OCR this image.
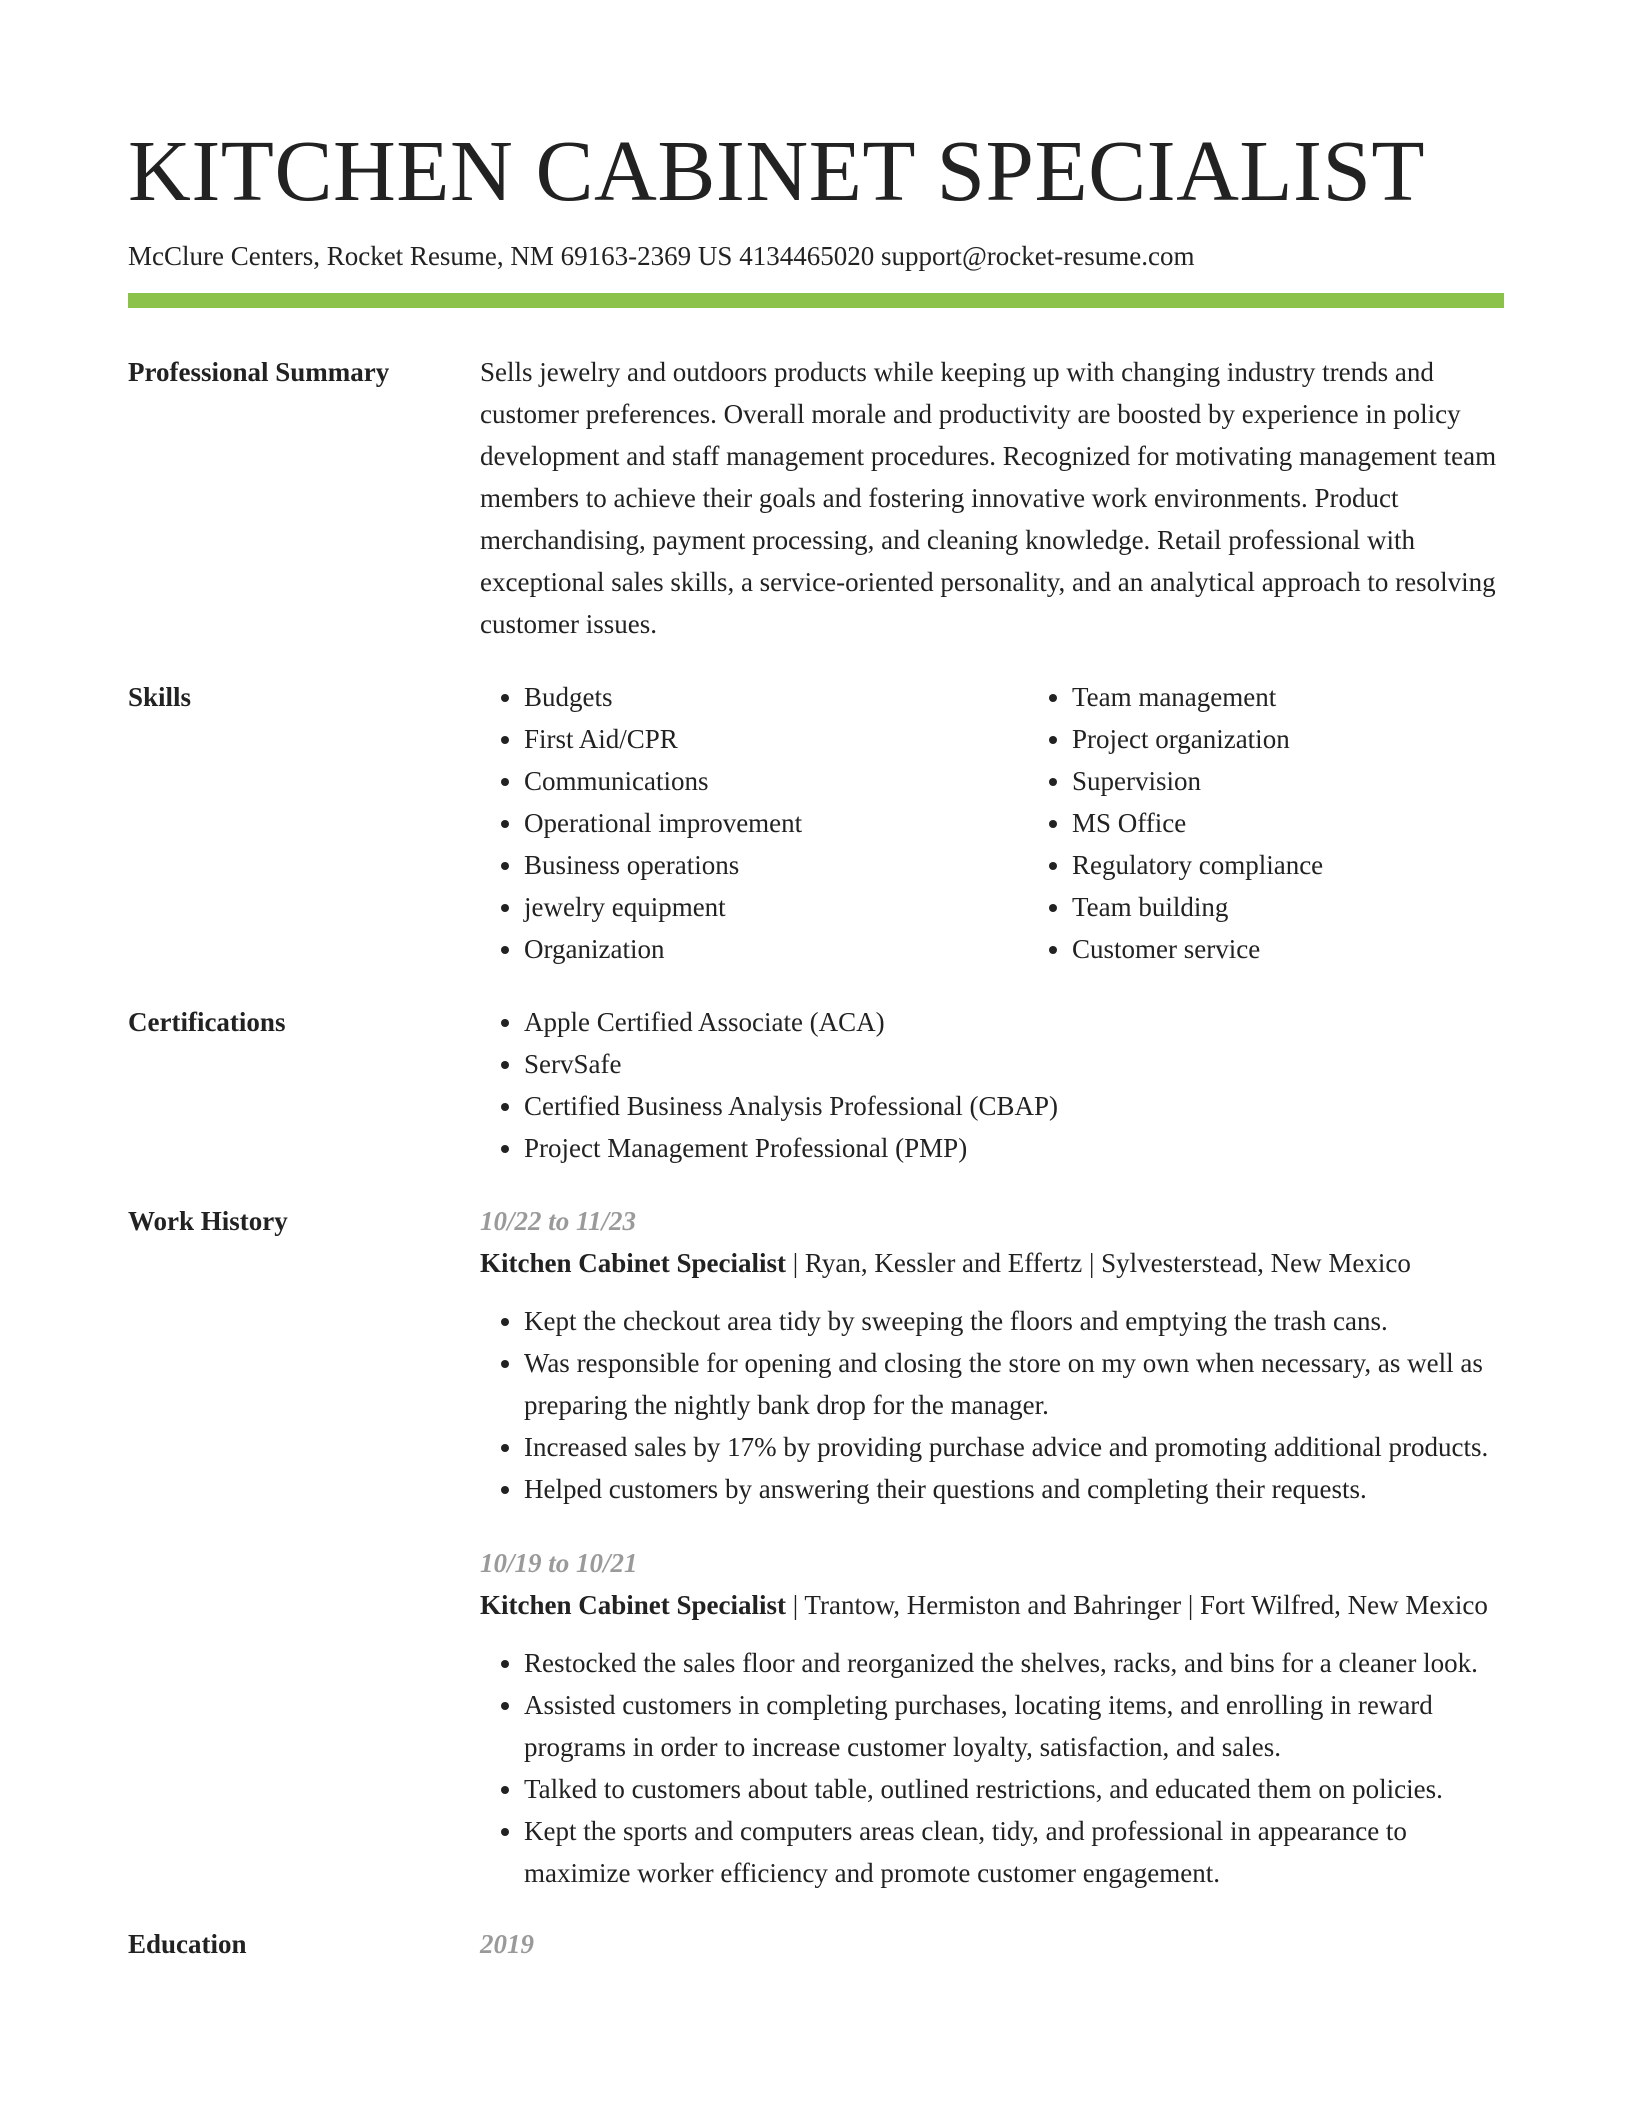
KITCHEN CABINET SPECIALIST
McClure Centers, Rocket Resume, NM 69163-2369 US 4134465020 support@rocket-resume.com
Professional Summary	Sells jewelry and outdoors products while keeping up with changing industry trends and customer preferences. Overall morale and productivity are boosted by experience in policy development and staff management procedures. Recognized for motivating management team members to achieve their goals and fostering innovative work environments. Product merchandising, payment processing, and cleaning knowledge. Retail professional with exceptional sales skills, a service-oriented personality, and an analytical approach to resolving customer issues.
Skills	• Budgets
• First Aid/CPR
• Communications
• Operational improvement
• Business operations
• jewelry equipment
• Organization
• Team management
• Project organization
• Supervision
• MS Office
• Regulatory compliance
• Team building
• Customer service
Certifications	• Apple Certified Associate (ACA)
• ServSafe
• Certified Business Analysis Professional (CBAP)
• Project Management Professional (PMP)
Work History	10/22 to 11/23
Kitchen Cabinet Specialist | Ryan, Kessler and Effertz | Sylvesterstead, New Mexico
• Kept the checkout area tidy by sweeping the floors and emptying the trash cans.
• Was responsible for opening and closing the store on my own when necessary, as well as preparing the nightly bank drop for the manager.
• Increased sales by 17% by providing purchase advice and promoting additional products.
• Helped customers by answering their questions and completing their requests.
10/19 to 10/21
Kitchen Cabinet Specialist | Trantow, Hermiston and Bahringer | Fort Wilfred, New Mexico
• Restocked the sales floor and reorganized the shelves, racks, and bins for a cleaner look.
• Assisted customers in completing purchases, locating items, and enrolling in reward programs in order to increase customer loyalty, satisfaction, and sales.
• Talked to customers about table, outlined restrictions, and educated them on policies.
• Kept the sports and computers areas clean, tidy, and professional in appearance to maximize worker efficiency and promote customer engagement.
Education	2019
